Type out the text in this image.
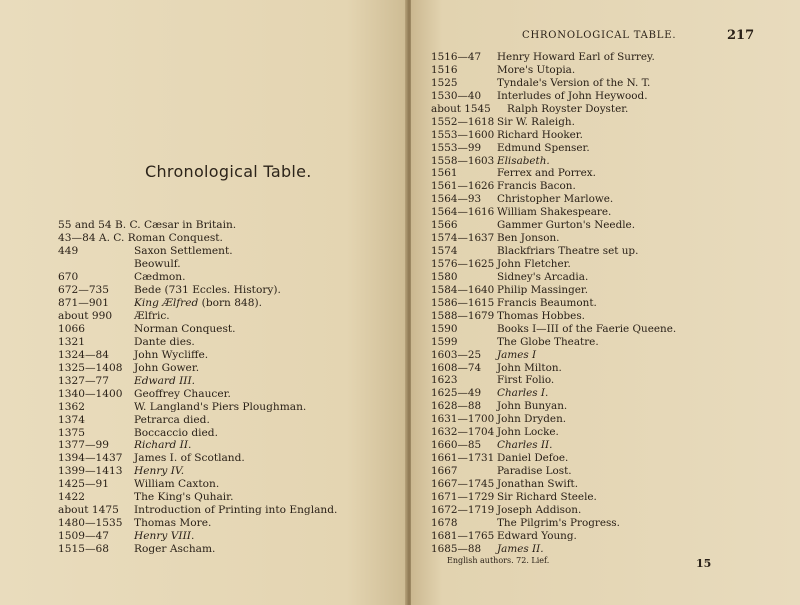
Chronological Table.
55 and 54 B. C. Cæsar in Britain.
43—84 A. C. Roman Conquest.
449	Saxon Settlement.
Beowulf.
670	Cædmon.
672—735 Bede (731 Eccles. History).
871—901 King Ælfred (born 848).
about 990 Ælfric.
1066	Norman Conquest.
1321	Dante dies.
1324—84 John Wycliffe.
1325—1408 John Gower.
1327—77 Edward III.
1340—1400 Geoffrey Chaucer.
1362	W. Langland's Piers Ploughman.
1374	Petrarca died.
1375	Boccaccio died.
1377—99 Richard II.
1394—1437 James I. of Scotland.
1399—1413 Henry IV.
1425—91 William Caxton.
1422	The King's Quhair.
about 1475 Introduction of Printing into England.
1480—1535 Thomas More.
1509—47 Henry VIII.
1515—68 Roger Ascham.
CHRONOLOGICAL TABLE.	217
1516—47 Henry Howard Earl of Surrey.
1516	More's Utopia.
1525	Tyndale's Version of the N. T.
1530—40 Interludes of John Heywood.
about 1545 Ralph Royster Doyster.
1552—1618 Sir W. Raleigh.
1553—1600 Richard Hooker.
1553—99 Edmund Spenser.
1558—1603 Elisabeth.
1561	Ferrex and Porrex.
1561—1626 Francis Bacon.
1564—93 Christopher Marlowe.
1564—1616 William Shakespeare.
1566	Gammer Gurton's Needle.
1574—1637 Ben Jonson.
1574	Blackfriars Theatre set up.
1576—1625 John Fletcher.
1580	Sidney's Arcadia.
1584—1640 Philip Massinger.
1586—1615 Francis Beaumont.
1588—1679 Thomas Hobbes.
1590	Books I—III of the Faerie Queene.
1599	The Globe Theatre.
1603—25 James I
1608—74 John Milton.
1623	First Folio.
1625—49 Charles I.
1628—88 John Bunyan.
1631—1700 John Dryden.
1632—1704 John Locke.
1660—85 Charles II.
1661—1731 Daniel Defoe.
1667	Paradise Lost.
1667—1745 Jonathan Swift.
1671—1729 Sir Richard Steele.
1672—1719 Joseph Addison.
1678	The Pilgrim's Progress.
1681—1765 Edward Young.
1685—88 James II.
English authors. 72. Lief.	15
